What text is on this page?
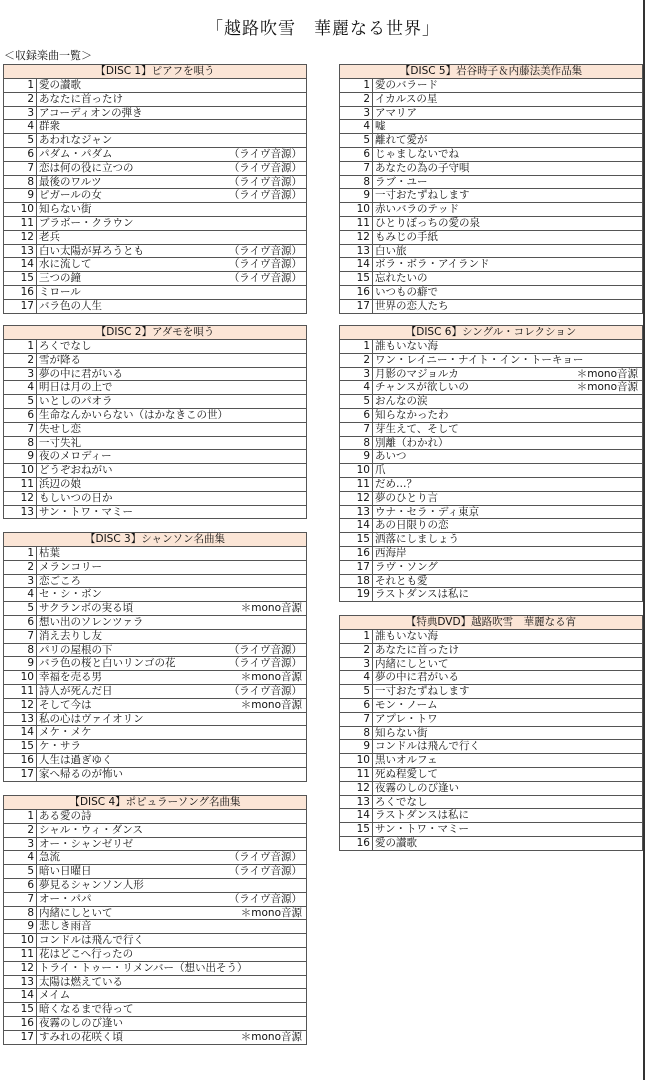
「越路吹雪　華麗なる世界」
＜収録楽曲一覧＞
【DISC 1】ピアフを唄う
1 愛の讃歌
2 あなたに首ったけ
3 アコーディオンの弾き
4 群衆
5 あわれなジャン
6 パダム・パダム	（ライヴ音源）
7 恋は何の役に立つの	（ライヴ音源）
8 最後のワルツ	（ライヴ音源）
9 ピガールの女	（ライヴ音源）
10 知らない街
11 ブラボー・クラウン
12 老兵
13 白い太陽が昇ろうとも	（ライヴ音源）
14 水に流して	（ライヴ音源）
15 三つの鐘	（ライヴ音源）
16 ミロール
17 バラ色の人生
【DISC 2】アダモを唄う
1 ろくでなし
2 雪が降る
3 夢の中に君がいる
4 明日は月の上で
5 いとしのパオラ
6 生命なんかいらない（はかなきこの世）
7 失せし恋
8 一寸失礼
9 夜のメロディー
10 どうぞおねがい
11 浜辺の娘
12 もしいつの日か
13 サン・トワ・マミー
【DISC 3】シャンソン名曲集
1 枯葉
2 メランコリー
3 恋ごころ
4 セ・シ・ボン
5 サクランボの実る頃	＊mono音源
6 想い出のソレンツァラ
7 消え去りし友
8 パリの屋根の下	（ライヴ音源）
9 バラ色の桜と白いリンゴの花	（ライヴ音源）
10 幸福を売る男	＊mono音源
11 詩人が死んだ日	（ライヴ音源）
12 そして今は	＊mono音源
13 私の心はヴァイオリン
14 メケ・メケ
15 ケ・サラ
16 人生は過ぎゆく
17 家へ帰るのが怖い
【DISC 4】ポピュラーソング名曲集
1 ある愛の詩
2 シャル・ウィ・ダンス
3 オー・シャンゼリゼ
4 急流	（ライヴ音源）
5 暗い日曜日	（ライヴ音源）
6 夢見るシャンソン人形
7 オー・パパ	（ライヴ音源）
8 内緒にしといて	＊mono音源
9 悲しき雨音
10 コンドルは飛んで行く
11 花はどこへ行ったの
12 トライ・トゥー・リメンバー（想い出そう）
13 太陽は燃えている
14 メイム
15 暗くなるまで待って
16 夜霧のしのび逢い
17 すみれの花咲く頃	＊mono音源
【DISC 5】岩谷時子＆内藤法美作品集
1 愛のバラード
2 イカルスの星
3 アマリア
4 嘘
5 離れて愛が
6 じゃましないでね
7 あなたの為の子守唄
8 ラブ・ユー
9 一寸おたずねします
10 赤いバラのテッド
11 ひとりぼっちの愛の泉
12 もみじの手紙
13 白い旅
14 ボラ・ボラ・アイランド
15 忘れたいの
16 いつもの癖で
17 世界の恋人たち
【DISC 6】シングル・コレクション
1 誰もいない海
2 ワン・レイニー・ナイト・イン・トーキョー
3 月影のマジョルカ	＊mono音源
4 チャンスが欲しいの	＊mono音源
5 おんなの涙
6 知らなかったわ
7 芽生えて、そして
8 別離（わかれ）
9 あいつ
10 爪
11 だめ…？
12 夢のひとり言
13 ウナ・セラ・ディ東京
14 あの日限りの恋
15 洒落にしましょう
16 西海岸
17 ラヴ・ソング
18 それとも愛
19 ラストダンスは私に
【特典DVD】越路吹雪　華麗なる宵
1 誰もいない海
2 あなたに首ったけ
3 内緒にしといて
4 夢の中に君がいる
5 一寸おたずねします
6 モン・ノーム
7 アプレ・トワ
8 知らない街
9 コンドルは飛んで行く
10 黒いオルフェ
11 死ぬ程愛して
12 夜霧のしのび逢い
13 ろくでなし
14 ラストダンスは私に
15 サン・トワ・マミー
16 愛の讃歌
